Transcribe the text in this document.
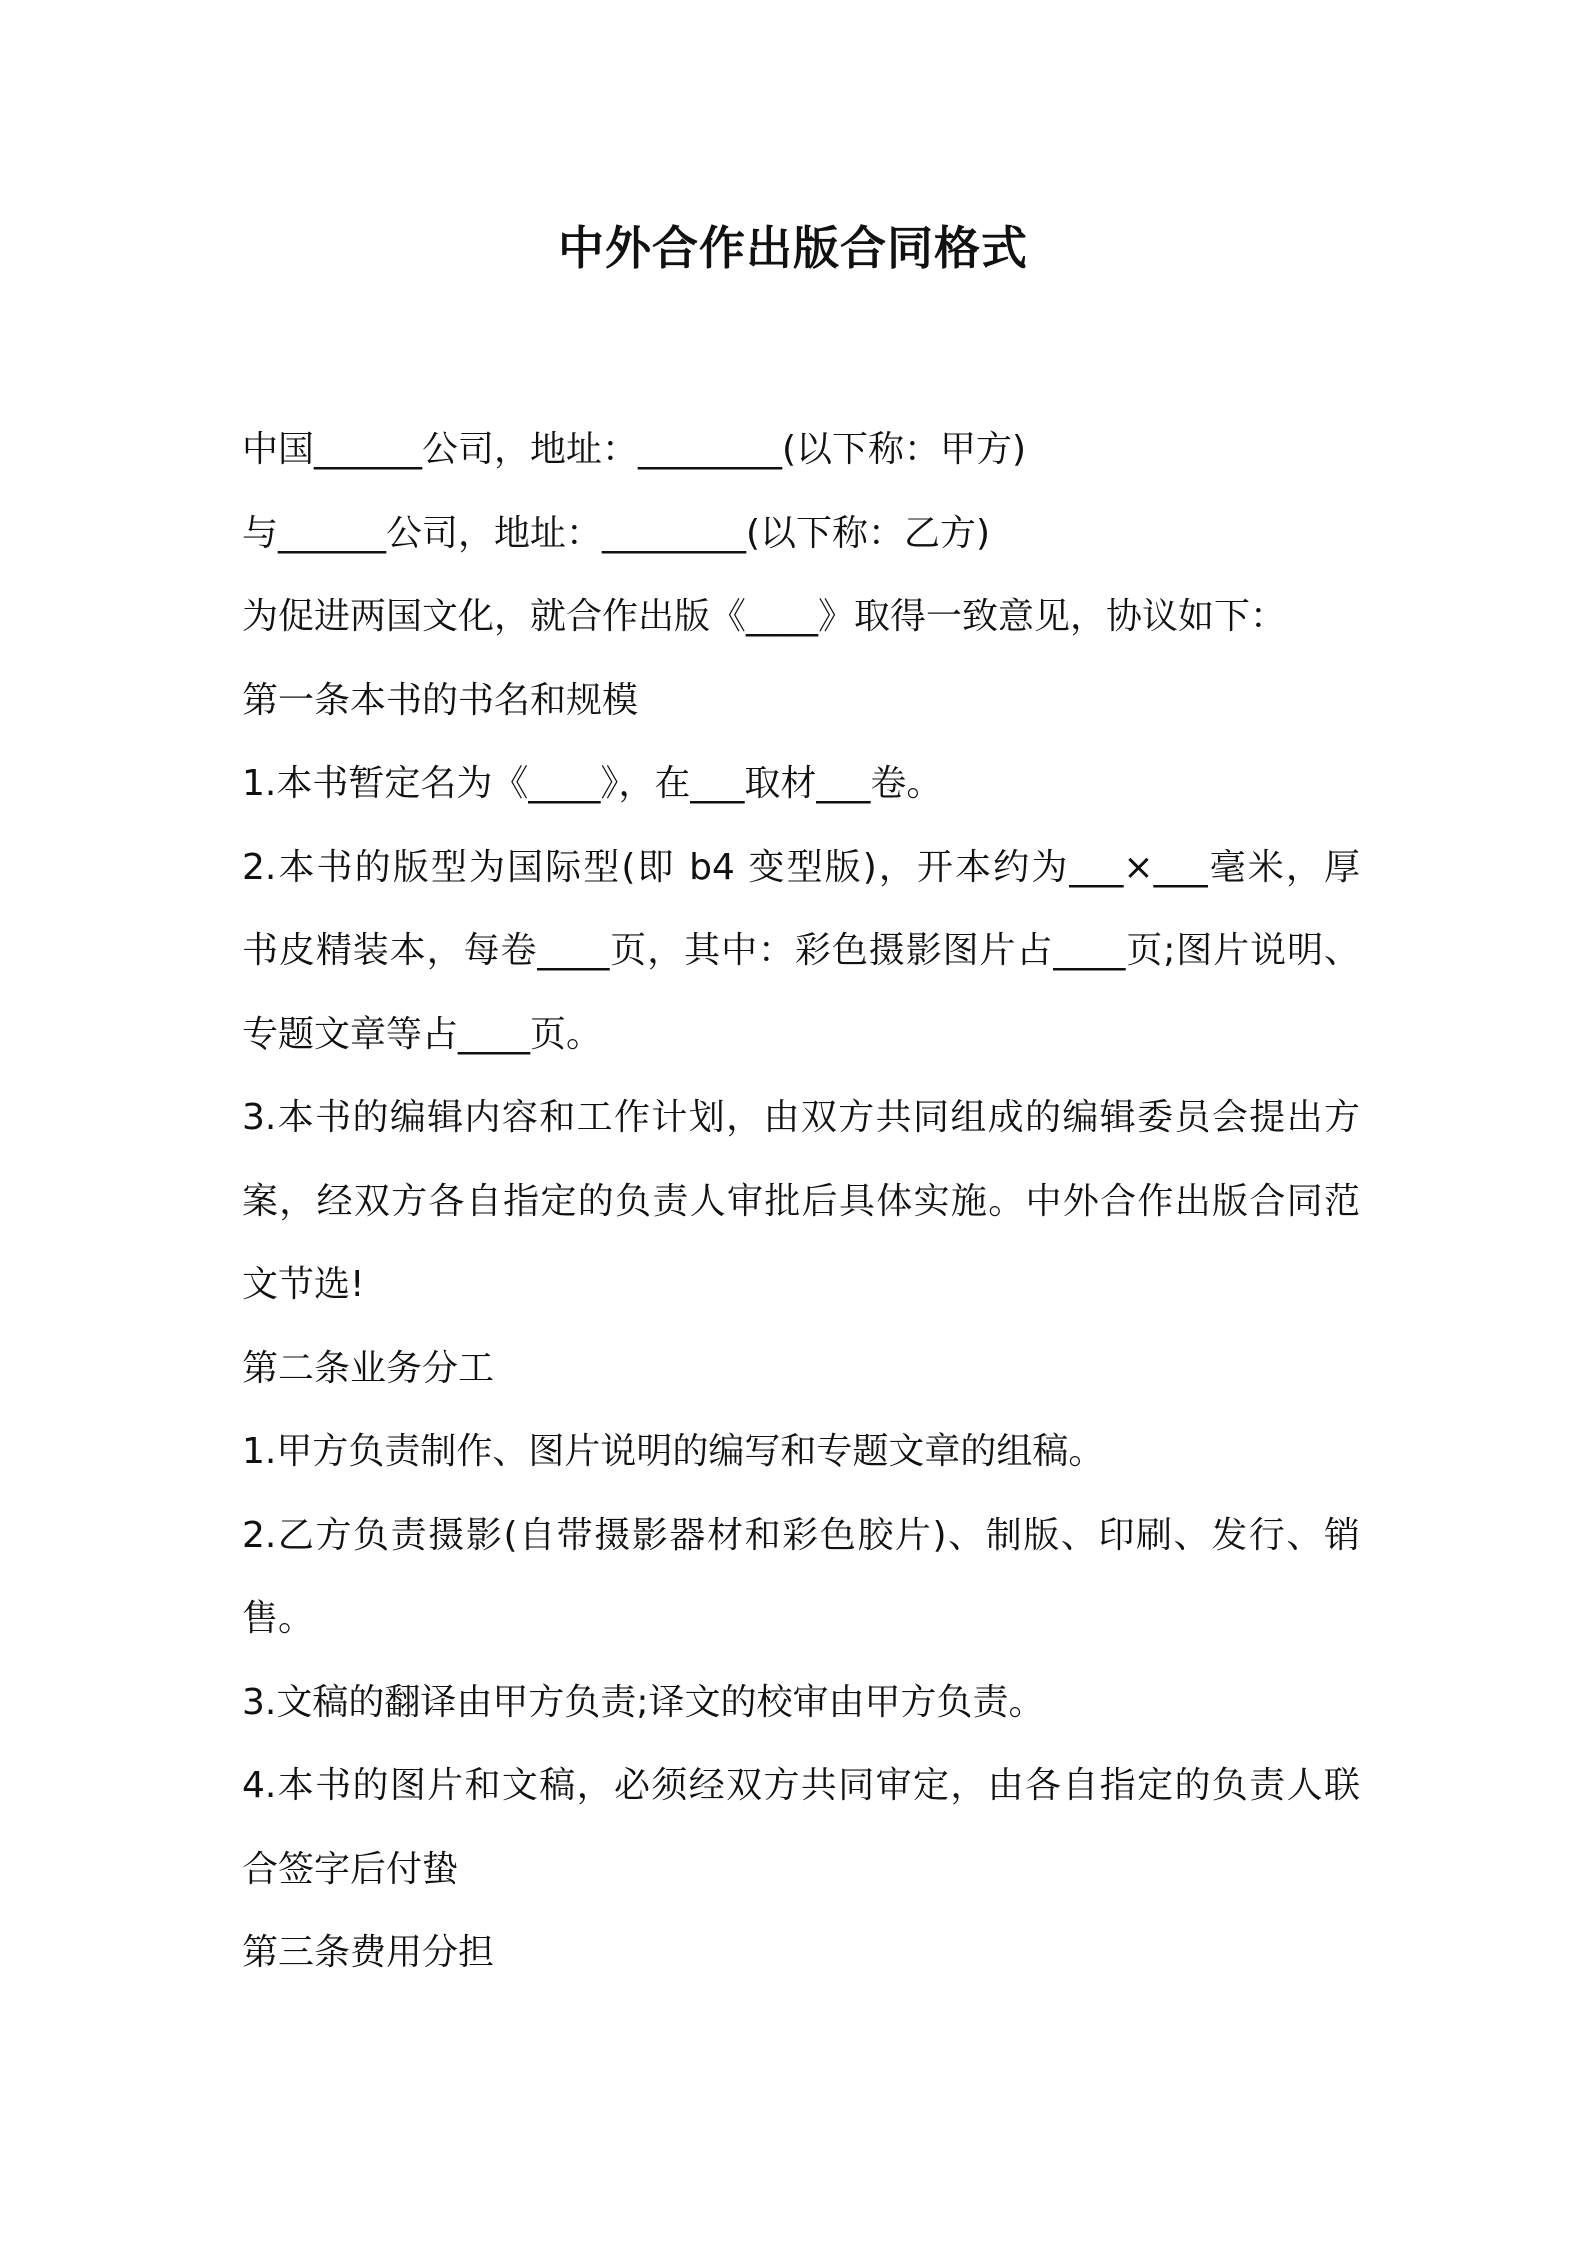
中外合作出版合同格式
中国______公司，地址：________(以下称：甲方)
与______公司，地址：________(以下称：乙方)
为促进两国文化，就合作出版《____》取得一致意见，协议如下：
第一条本书的书名和规模
1.本书暂定名为《____》，在___取材___卷。
2.本书的版型为国际型(即 b4 变型版)，开本约为___×___毫米，厚
书皮精装本，每卷____页，其中：彩色摄影图片占____页;图片说明、
专题文章等占____页。
3.本书的编辑内容和工作计划，由双方共同组成的编辑委员会提出方
案，经双方各自指定的负责人审批后具体实施。中外合作出版合同范
文节选!
第二条业务分工
1.甲方负责制作、图片说明的编写和专题文章的组稿。
2.乙方负责摄影(自带摄影器材和彩色胶片)、制版、印刷、发行、销
售。
3.文稿的翻译由甲方负责;译文的校审由甲方负责。
4.本书的图片和文稿，必须经双方共同审定，由各自指定的负责人联
合签字后付蛰
第三条费用分担
